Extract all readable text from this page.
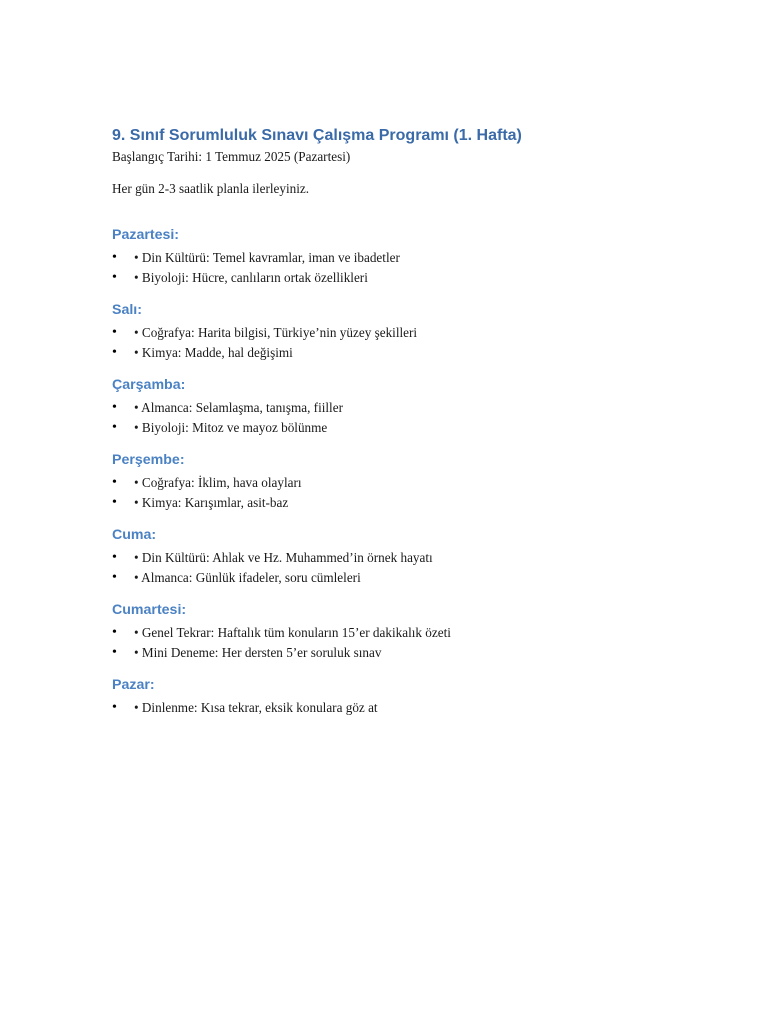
9. Sınıf Sorumluluk Sınavı Çalışma Programı (1. Hafta)

Başlangıç Tarihi: 1 Temmuz 2025 (Pazartesi)

Her gün 2-3 saatlik planla ilerleyiniz.

Pazartesi:
• • Din Kültürü: Temel kavramlar, iman ve ibadetler
• • Biyoloji: Hücre, canlıların ortak özellikleri
Salı:
• • Coğrafya: Harita bilgisi, Türkiye’nin yüzey şekilleri
• • Kimya: Madde, hal değişimi
Çarşamba:
• • Almanca: Selamlaşma, tanışma, fiiller
• • Biyoloji: Mitoz ve mayoz bölünme
Perşembe:
• • Coğrafya: İklim, hava olayları
• • Kimya: Karışımlar, asit-baz
Cuma:
• • Din Kültürü: Ahlak ve Hz. Muhammed’in örnek hayatı
• • Almanca: Günlük ifadeler, soru cümleleri
Cumartesi:
• • Genel Tekrar: Haftalık tüm konuların 15’er dakikalık özeti
• • Mini Deneme: Her dersten 5’er soruluk sınav
Pazar:
• • Dinlenme: Kısa tekrar, eksik konulara göz at
